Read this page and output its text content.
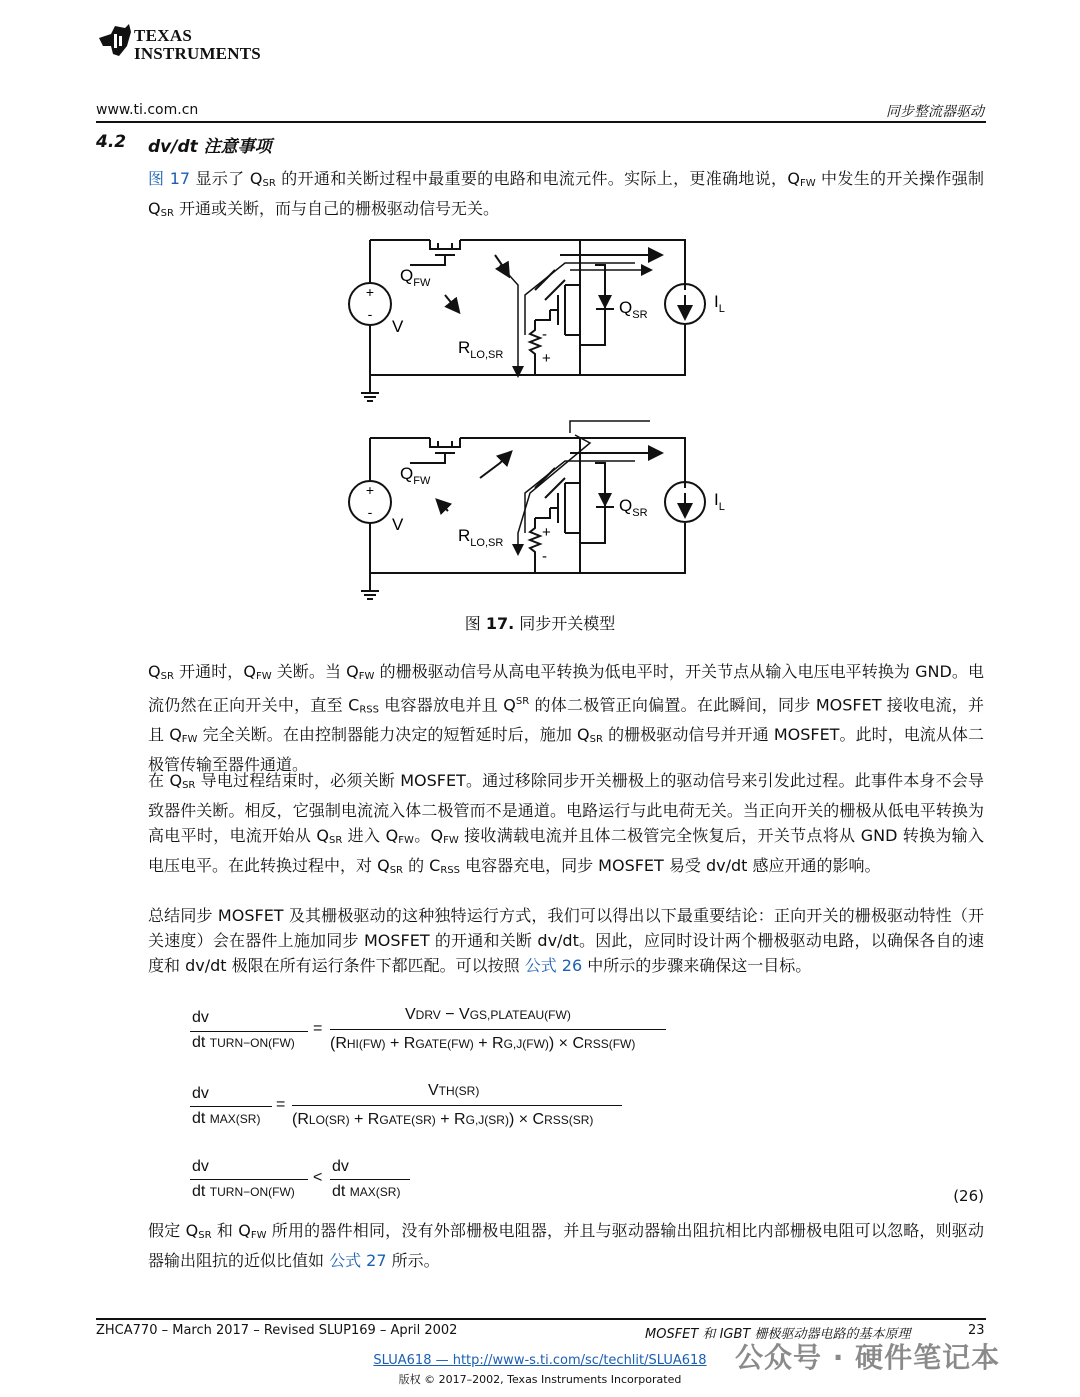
TEXAS
INSTRUMENTS
www.ti.com.cn	同步整流器驱动
4.2 dv/dt 注意事项
图 17 显示了 $Q_{SR}$ 的开通和关断过程中最重要的电路和电流元件。实际上，更准确地说，$Q_{FW}$ 中发生的开关操作强制 $Q_{SR}$ 开通或关断，而与自己的栅极驱动信号无关。
+
-
$Q_{FW}$
V
$R_{LO,SR}$
-
+
$Q_{SR}$
$I_L$
+
-
$Q_{FW}$
V
$R_{LO,SR}$
+
-
$Q_{SR}$
$I_L$
图 17. 同步开关模型
$Q_{SR}$ 开通时，$Q_{FW}$ 关断。当 $Q_{FW}$ 的栅极驱动信号从高电平转换为低电平时，开关节点从输入电压电平转换为 GND。电流仍然在正向开关中，直至 $C_{RSS}$ 电容器放电并且 $Q^{SR}$ 的体二极管正向偏置。在此瞬间，同步 MOSFET 接收电流，并且 $Q_{FW}$ 完全关断。在由控制器能力决定的短暂延时后，施加 $Q_{SR}$ 的栅极驱动信号并开通 MOSFET。此时，电流从体二极管传输至器件通道。
在 $Q_{SR}$ 导电过程结束时，必须关断 MOSFET。通过移除同步开关栅极上的驱动信号来引发此过程。此事件本身不会导致器件关断。相反，它强制电流流入体二极管而不是通道。电路运行与此电荷无关。当正向开关的栅极从低电平转换为高电平时，电流开始从 $Q_{SR}$ 进入 $Q_{FW}$。$Q_{FW}$ 接收满载电流并且体二极管完全恢复后，开关节点将从 GND 转换为输入电压电平。在此转换过程中，对 $Q_{SR}$ 的 $C_{RSS}$ 电容器充电，同步 MOSFET 易受 dv/dt 感应开通的影响。
总结同步 MOSFET 及其栅极驱动的这种独特运行方式，我们可以得出以下最重要结论：正向开关的栅极驱动特性（开关速度）会在器件上施加同步 MOSFET 的开通和关断 dv/dt。因此，应同时设计两个栅极驱动电路，以确保各自的速度和 dv/dt 极限在所有运行条件下都匹配。可以按照 公式 26 中所示的步骤来确保这一目标。
dv
dt TURN−ON(FW)
=
VDRV − VGS,PLATEAU(FW)
(RHI(FW) + RGATE(FW) + RG,J(FW)) × CRSS(FW)
dv
dt MAX(SR)
=
VTH(SR)
(RLO(SR) + RGATE(SR) + RG,J(SR)) × CRSS(SR)
dv
dt TURN−ON(FW)
<
dv
dt MAX(SR)	(26)
假定 $Q_{SR}$ 和 $Q_{FW}$ 所用的器件相同，没有外部栅极电阻器，并且与驱动器输出阻抗相比内部栅极电阻可以忽略，则驱动器输出阻抗的近似比值如 公式 27 所示。
ZHCA770 – March 2017 – Revised SLUP169 – April 2002	MOSFET 和 IGBT 栅极驱动器电路的基本原理	23
SLUA618 — http://www-s.ti.com/sc/techlit/SLUA618
版权 © 2017–2002, Texas Instruments Incorporated
公众号 · 硬件笔记本
